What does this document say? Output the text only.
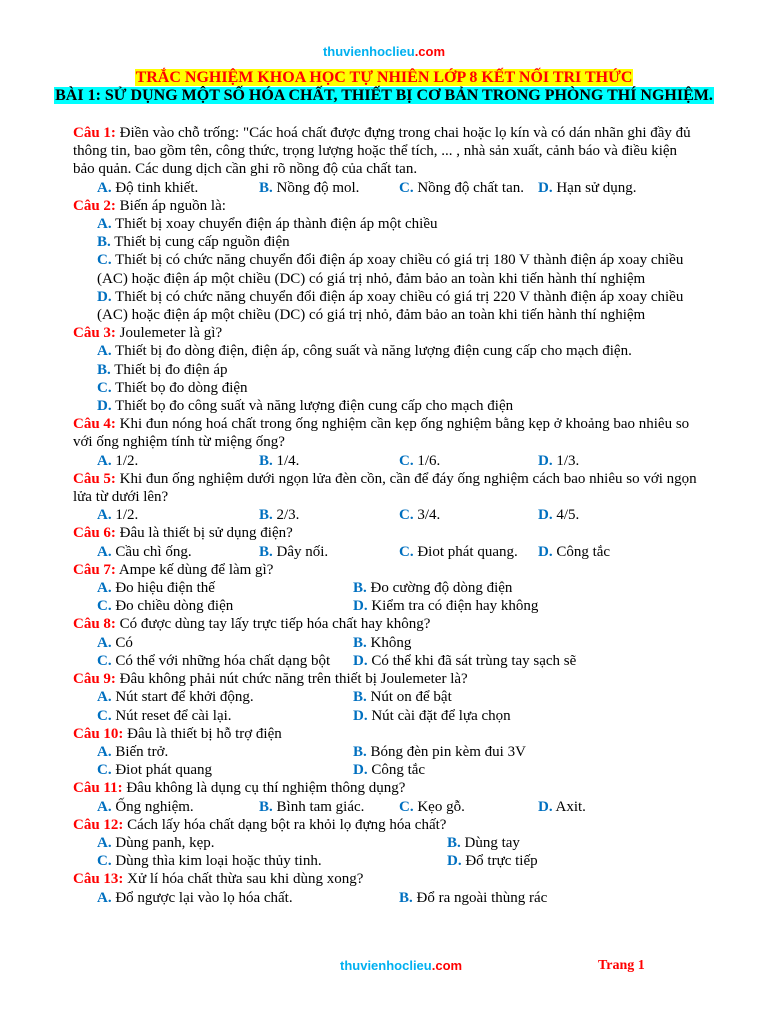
thuvienhoclieu.com
TRẮC NGHIỆM KHOA HỌC TỰ NHIÊN LỚP 8 KẾT NỐI TRI THỨC
BÀI 1: SỬ DỤNG MỘT SỐ HÓA CHẤT, THIẾT BỊ CƠ BẢN TRONG PHÒNG THÍ NGHIỆM.

Câu 1: Điền vào chỗ trống: "Các hoá chất được đựng trong chai hoặc lọ kín và có dán nhãn ghi đầy đủ thông tin, bao gồm tên, công thức, trọng lượng hoặc thể tích, ... , nhà sản xuất, cảnh báo và điều kiện bảo quản. Các dung dịch cần ghi rõ nồng độ của chất tan.

A. Độ tinh khiết.	B. Nồng độ mol.	C. Nồng độ chất tan. D. Hạn sử dụng.

Câu 2: Biến áp nguồn là:

A. Thiết bị xoay chuyển điện áp thành điện áp một chiều
B. Thiết bị cung cấp nguồn điện
C. Thiết bị có chức năng chuyển đổi điện áp xoay chiều có giá trị 180 V thành điện áp xoay chiều (AC) hoặc điện áp một chiều (DC) có giá trị nhỏ, đảm bảo an toàn khi tiến hành thí nghiệm
D. Thiết bị có chức năng chuyển đổi điện áp xoay chiều có giá trị 220 V thành điện áp xoay chiều (AC) hoặc điện áp một chiều (DC) có giá trị nhỏ, đảm bảo an toàn khi tiến hành thí nghiệm

Câu 3: Joulemeter là gì?

A. Thiết bị đo dòng điện, điện áp, công suất và năng lượng điện cung cấp cho mạch điện.
B. Thiết bị đo điện áp
C. Thiết bọ đo dòng điện
D. Thiết bọ đo công suất và năng lượng điện cung cấp cho mạch điện

Câu 4: Khi đun nóng hoá chất trong ống nghiệm cần kẹp ống nghiệm bằng kẹp ở khoảng bao nhiêu so với ống nghiệm tính từ miệng ống?

A. 1/2.	B. 1/4.	C. 1/6.	D. 1/3.

Câu 5: Khi đun ống nghiệm dưới ngọn lửa đèn cồn, cần để đáy ống nghiệm cách bao nhiêu so với ngọn lửa từ dưới lên?

A. 1/2.	B. 2/3.	C. 3/4.	D. 4/5.

Câu 6: Đâu là thiết bị sử dụng điện?

A. Cầu chì ống.	B. Dây nối.	C. Điot phát quang.	D. Công tắc

Câu 7: Ampe kế dùng để làm gì?

A. Đo hiệu điện thế	B. Đo cường độ dòng điện
C. Đo chiều dòng điện	D. Kiểm tra có điện hay không

Câu 8: Có được dùng tay lấy trực tiếp hóa chất hay không?

A. Có	B. Không
C. Có thể với những hóa chất dạng bột	D. Có thể khi đã sát trùng tay sạch sẽ

Câu 9: Đâu không phải nút chức năng trên thiết bị Joulemeter là?

A. Nút start để khởi động.	B. Nút on để bật
C. Nút reset để cài lại.	D. Nút cài đặt để lựa chọn

Câu 10: Đâu là thiết bị hỗ trợ điện

A. Biến trở.	B. Bóng đèn pin kèm đui 3V
C. Điot phát quang	D. Công tắc

Câu 11: Đâu không là dụng cụ thí nghiệm thông dụng?

A. Ống nghiệm.	B. Bình tam giác.	C. Kẹo gỗ.	D. Axit.

Câu 12: Cách lấy hóa chất dạng bột ra khỏi lọ đựng hóa chất?

A. Dùng panh, kẹp.	B. Dùng tay
C. Dùng thìa kim loại hoặc thủy tinh.	D. Đổ trực tiếp

Câu 13: Xử lí hóa chất thừa sau khi dùng xong?

A. Đổ ngược lại vào lọ hóa chất.	B. Đổ ra ngoài thùng rác
thuvienhoclieu.com	Trang 1
